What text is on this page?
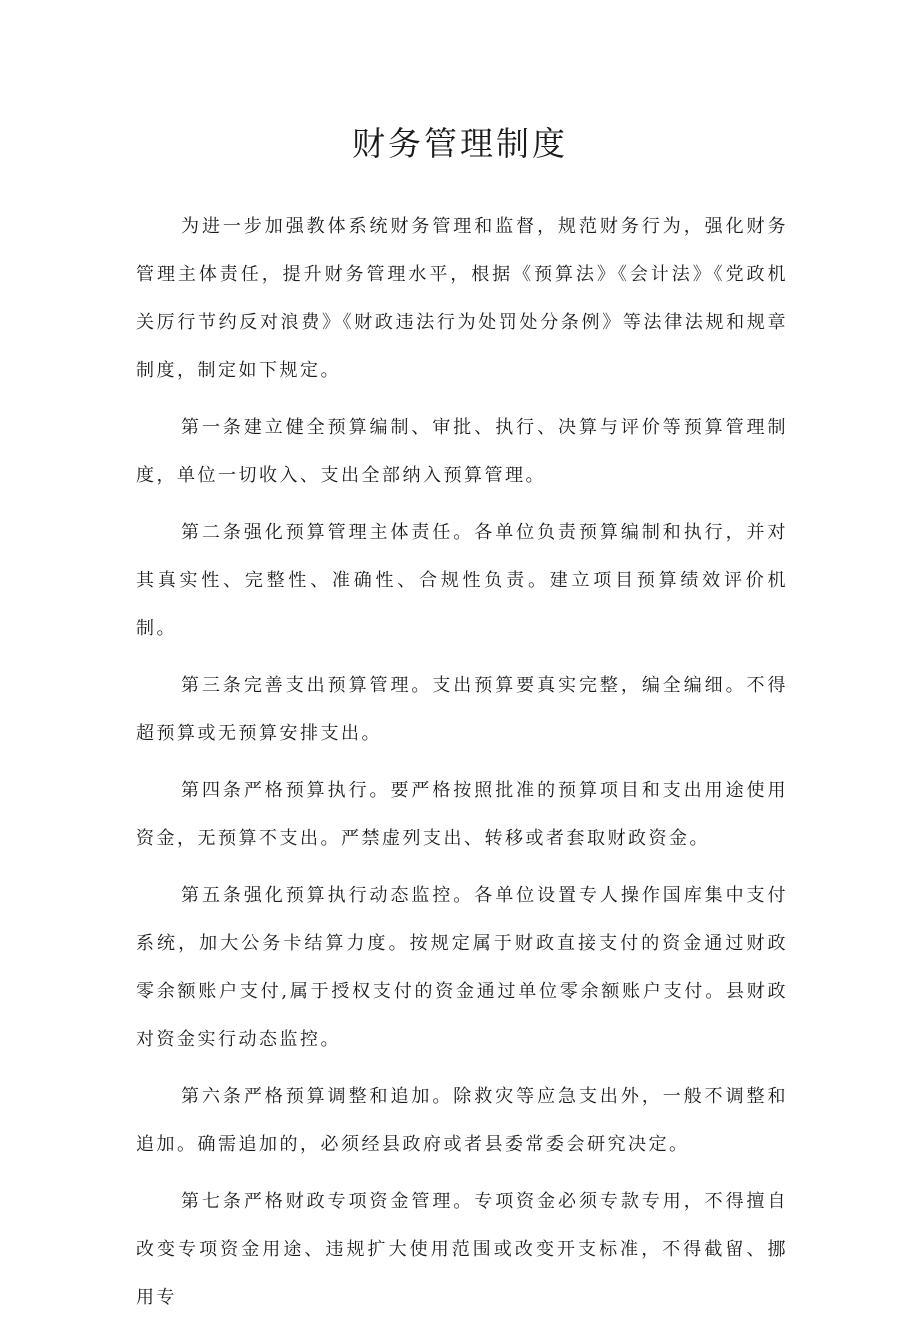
财务管理制度

为进一步加强教体系统财务管理和监督，规范财务行为，强化财务管理主体责任，提升财务管理水平，根据《预算法》《会计法》《党政机关厉行节约反对浪费》《财政违法行为处罚处分条例》等法律法规和规章制度，制定如下规定。

第一条建立健全预算编制、审批、执行、决算与评价等预算管理制度，单位一切收入、支出全部纳入预算管理。

第二条强化预算管理主体责任。各单位负责预算编制和执行，并对其真实性、完整性、准确性、合规性负责。建立项目预算绩效评价机制。

第三条完善支出预算管理。支出预算要真实完整，编全编细。不得超预算或无预算安排支出。

第四条严格预算执行。要严格按照批准的预算项目和支出用途使用资金，无预算不支出。严禁虚列支出、转移或者套取财政资金。

第五条强化预算执行动态监控。各单位设置专人操作国库集中支付系统，加大公务卡结算力度。按规定属于财政直接支付的资金通过财政零余额账户支付,属于授权支付的资金通过单位零余额账户支付。县财政对资金实行动态监控。

第六条严格预算调整和追加。除救灾等应急支出外，一般不调整和追加。确需追加的，必须经县政府或者县委常委会研究决定。

第七条严格财政专项资金管理。专项资金必须专款专用，不得擅自改变专项资金用途、违规扩大使用范围或改变开支标准，不得截留、挪用专
